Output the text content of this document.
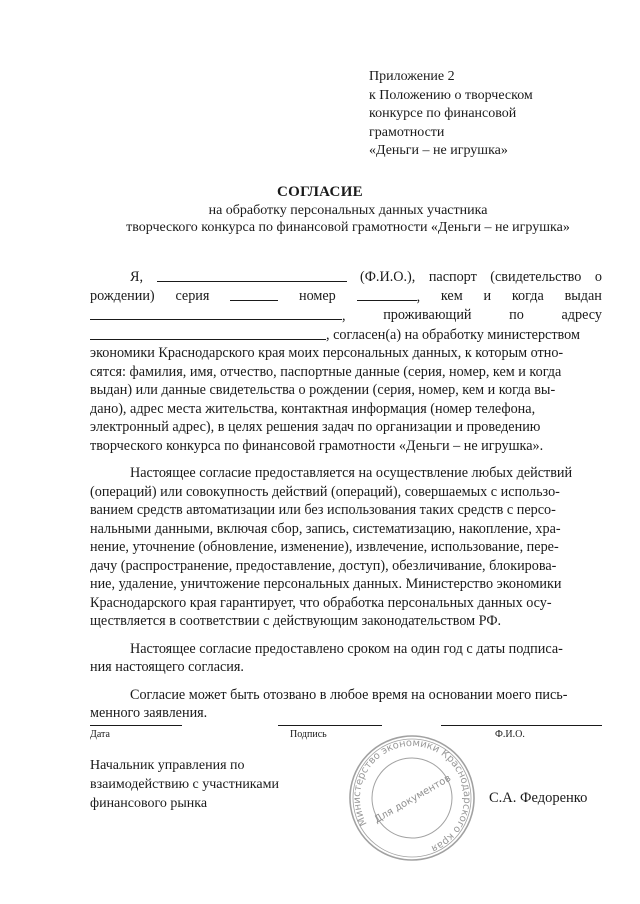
Приложение 2
к Положению о творческом
конкурсе по финансовой
грамотности
«Деньги – не игрушка»
СОГЛАСИЕ
на обработку персональных данных участника
творческого конкурса по финансовой грамотности «Деньги – не игрушка»
Я,	(Ф.И.О.), паспорт (свидетельство о
рождении) серия	номер	, кем и когда выдан
,	проживающий	по	адресу
, согласен(а) на обработку министерством
экономики Краснодарского края моих персональных данных, к которым отно-
сятся: фамилия, имя, отчество, паспортные данные (серия, номер, кем и когда
выдан) или данные свидетельства о рождении (серия, номер, кем и когда вы-
дано), адрес места жительства, контактная информация (номер телефона,
электронный адрес), в целях решения задач по организации и проведению
творческого конкурса по финансовой грамотности «Деньги – не игрушка».
Настоящее согласие предоставляется на осуществление любых действий
(операций) или совокупность действий (операций), совершаемых с использо-
ванием средств автоматизации или без использования таких средств с персо-
нальными данными, включая сбор, запись, систематизацию, накопление, хра-
нение, уточнение (обновление, изменение), извлечение, использование, пере-
дачу (распространение, предоставление, доступ), обезличивание, блокирова-
ние, удаление, уничтожение персональных данных. Министерство экономики
Краснодарского края гарантирует, что обработка персональных данных осу-
ществляется в соответствии с действующим законодательством РФ.
Настоящее согласие предоставлено сроком на один год с даты подписа-
ния настоящего согласия.
Согласие может быть отозвано в любое время на основании моего пись-
менного заявления.
Дата	Подпись	Ф.И.О.
Начальник управления по
взаимодействию с участниками
финансового рынка	С.А. Федоренко
Министерство экономики Краснодарского края
Для документов
